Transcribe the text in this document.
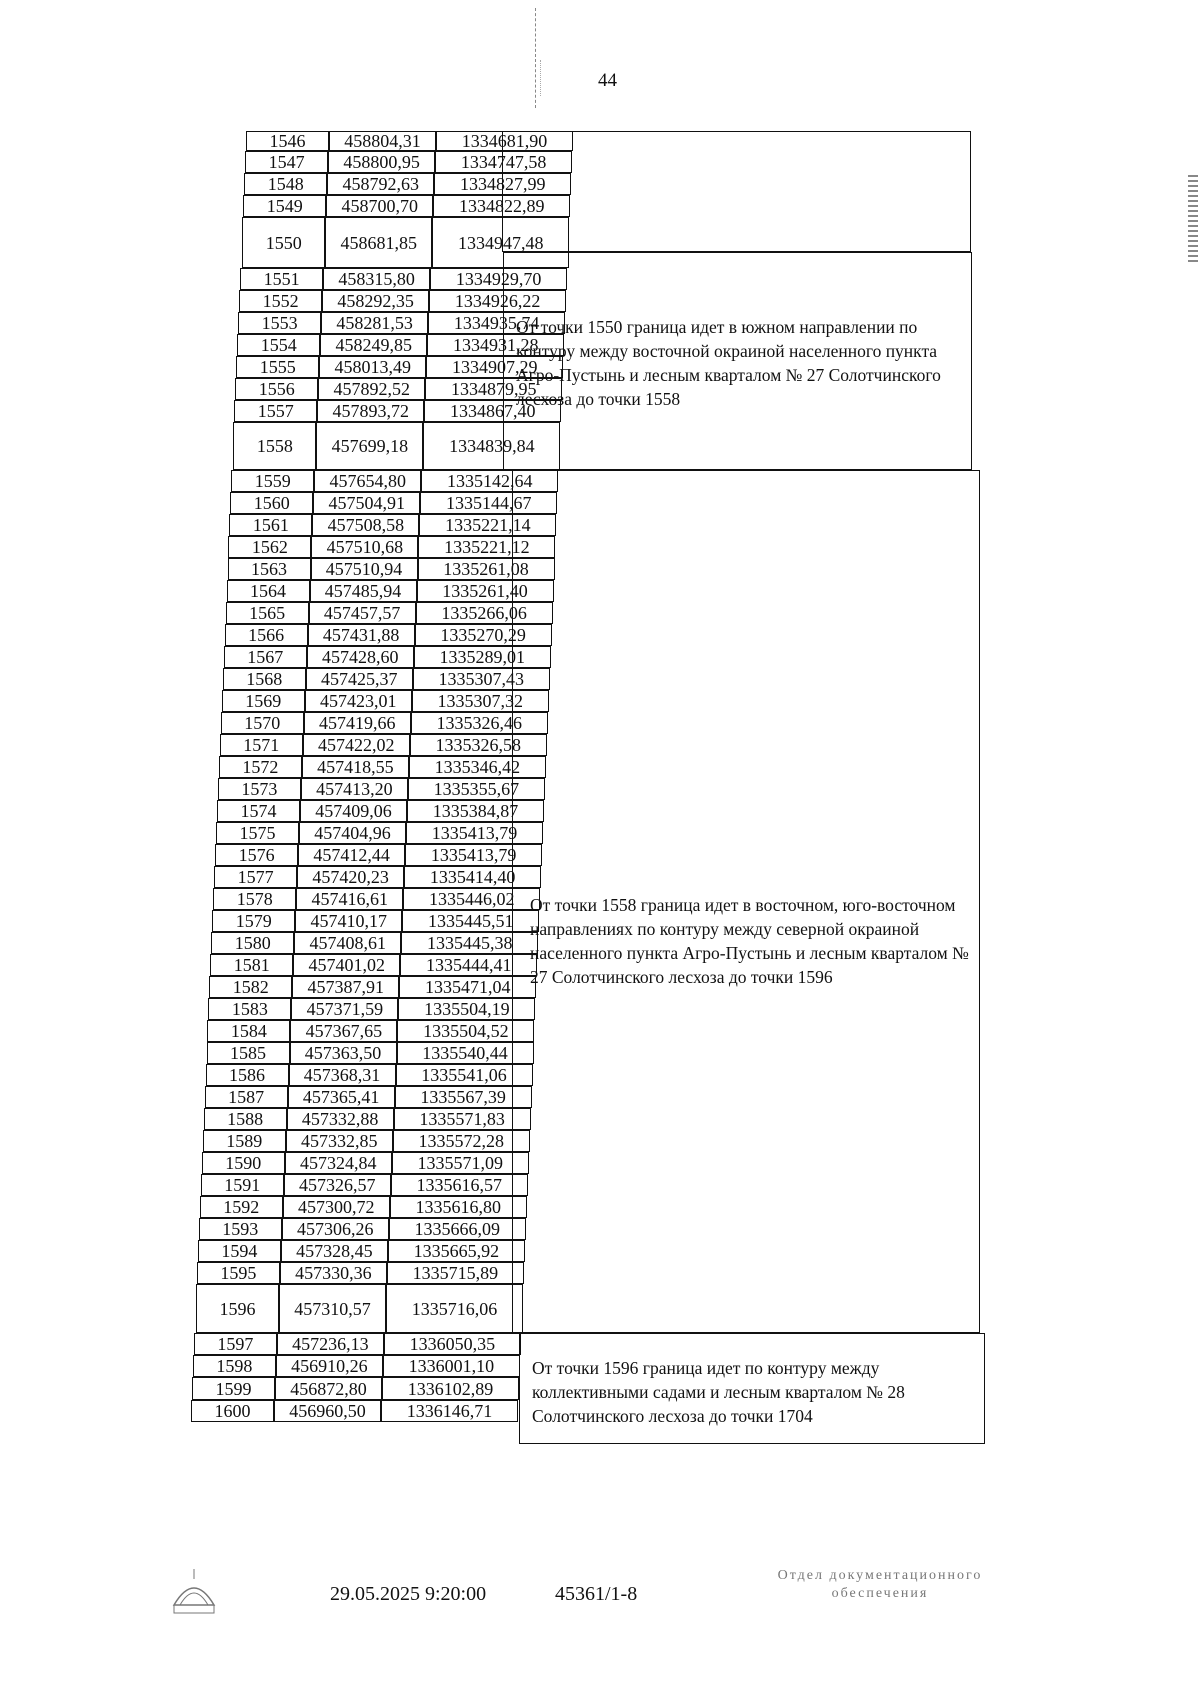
44
1546	458804,31	1334681,90
1547	458800,95	1334747,58
1548	458792,63	1334827,99
1549	458700,70	1334822,89
1550	458681,85	1334947,48
1551	458315,80	1334929,70
1552	458292,35	1334926,22
1553	458281,53	1334935,74
1554	458249,85	1334931,28
1555	458013,49	1334907,29
1556	457892,52	1334879,95
1557	457893,72	1334867,40
1558	457699,18	1334839,84
1559	457654,80	1335142,64
1560	457504,91	1335144,67
1561	457508,58	1335221,14
1562	457510,68	1335221,12
1563	457510,94	1335261,08
1564	457485,94	1335261,40
1565	457457,57	1335266,06
1566	457431,88	1335270,29
1567	457428,60	1335289,01
1568	457425,37	1335307,43
1569	457423,01	1335307,32
1570	457419,66	1335326,46
1571	457422,02	1335326,58
1572	457418,55	1335346,42
1573	457413,20	1335355,67
1574	457409,06	1335384,87
1575	457404,96	1335413,79
1576	457412,44	1335413,79
1577	457420,23	1335414,40
1578	457416,61	1335446,02
1579	457410,17	1335445,51
1580	457408,61	1335445,38
1581	457401,02	1335444,41
1582	457387,91	1335471,04
1583	457371,59	1335504,19
1584	457367,65	1335504,52
1585	457363,50	1335540,44
1586	457368,31	1335541,06
1587	457365,41	1335567,39
1588	457332,88	1335571,83
1589	457332,85	1335572,28
1590	457324,84	1335571,09
1591	457326,57	1335616,57
1592	457300,72	1335616,80
1593	457306,26	1335666,09
1594	457328,45	1335665,92
1595	457330,36	1335715,89
1596	457310,57	1335716,06
1597	457236,13	1336050,35
1598	456910,26	1336001,10
1599	456872,80	1336102,89
1600	456960,50	1336146,71
От точки 1550 граница идет в южном направлении по контуру между восточной окраиной населенного пункта Агро-Пустынь и лесным кварталом № 27 Солотчинского лесхоза до точки 1558
От точки 1558 граница идет в восточном, юго-восточном направлениях по контуру между северной окраиной населенного пункта Агро-Пустынь и лесным кварталом № 27 Солотчинского лесхоза до точки 1596
От точки 1596 граница идет по контуру между коллективными садами и лесным кварталом № 28 Солотчинского лесхоза до точки 1704
29.05.2025 9:20:00	45361/1-8
Отдел документационного
обеспечения
